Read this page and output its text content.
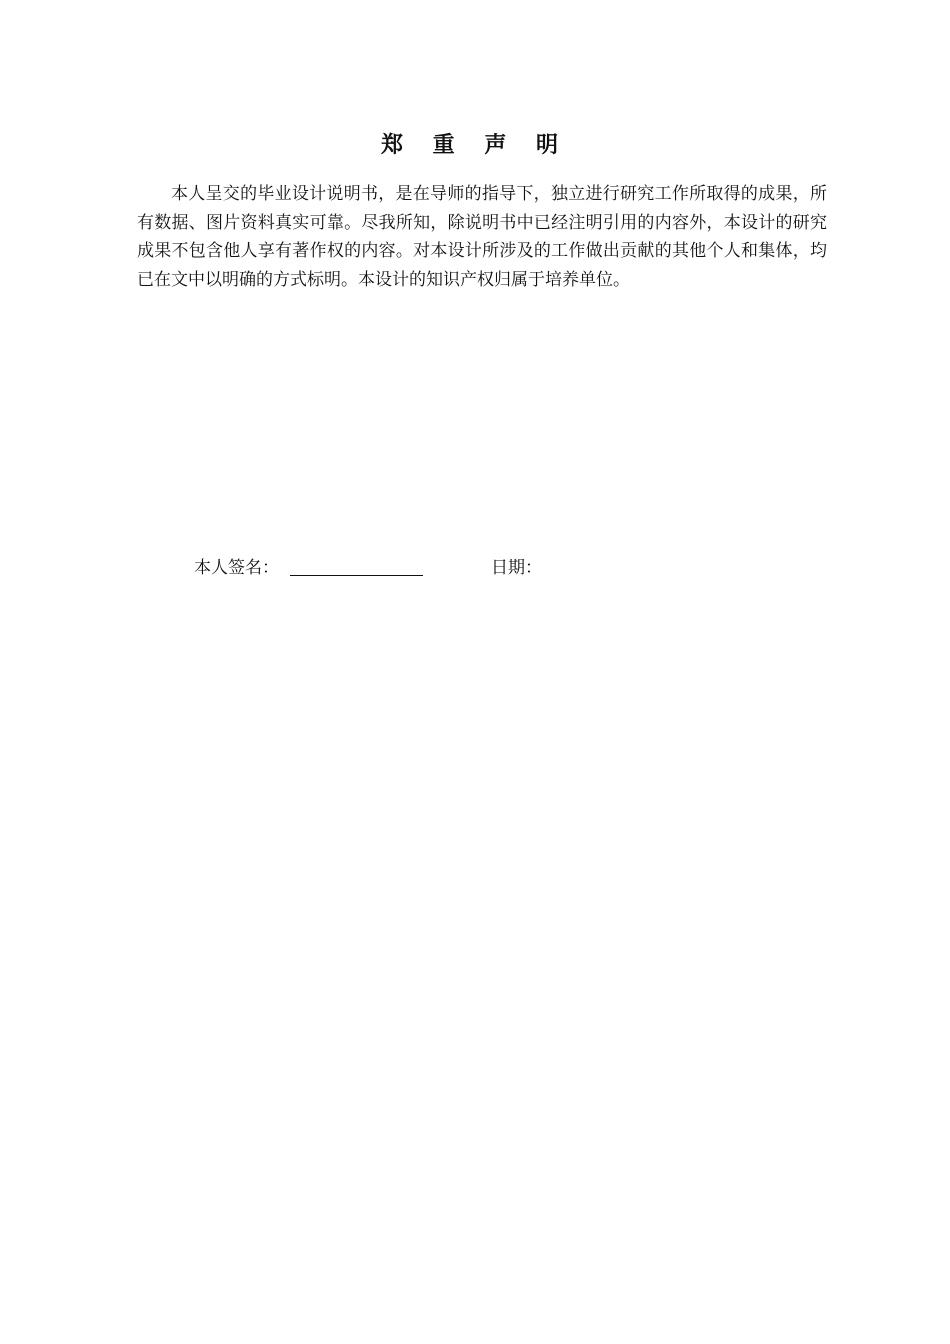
郑 重 声 明

本人呈交的毕业设计说明书，是在导师的指导下，独立进行研究工作所取得的成果，所有数据、图片资料真实可靠。尽我所知，除说明书中已经注明引用的内容外，本设计的研究成果不包含他人享有著作权的内容。对本设计所涉及的工作做出贡献的其他个人和集体，均已在文中以明确的方式标明。本设计的知识产权归属于培养单位。

本人签名：	日期：
